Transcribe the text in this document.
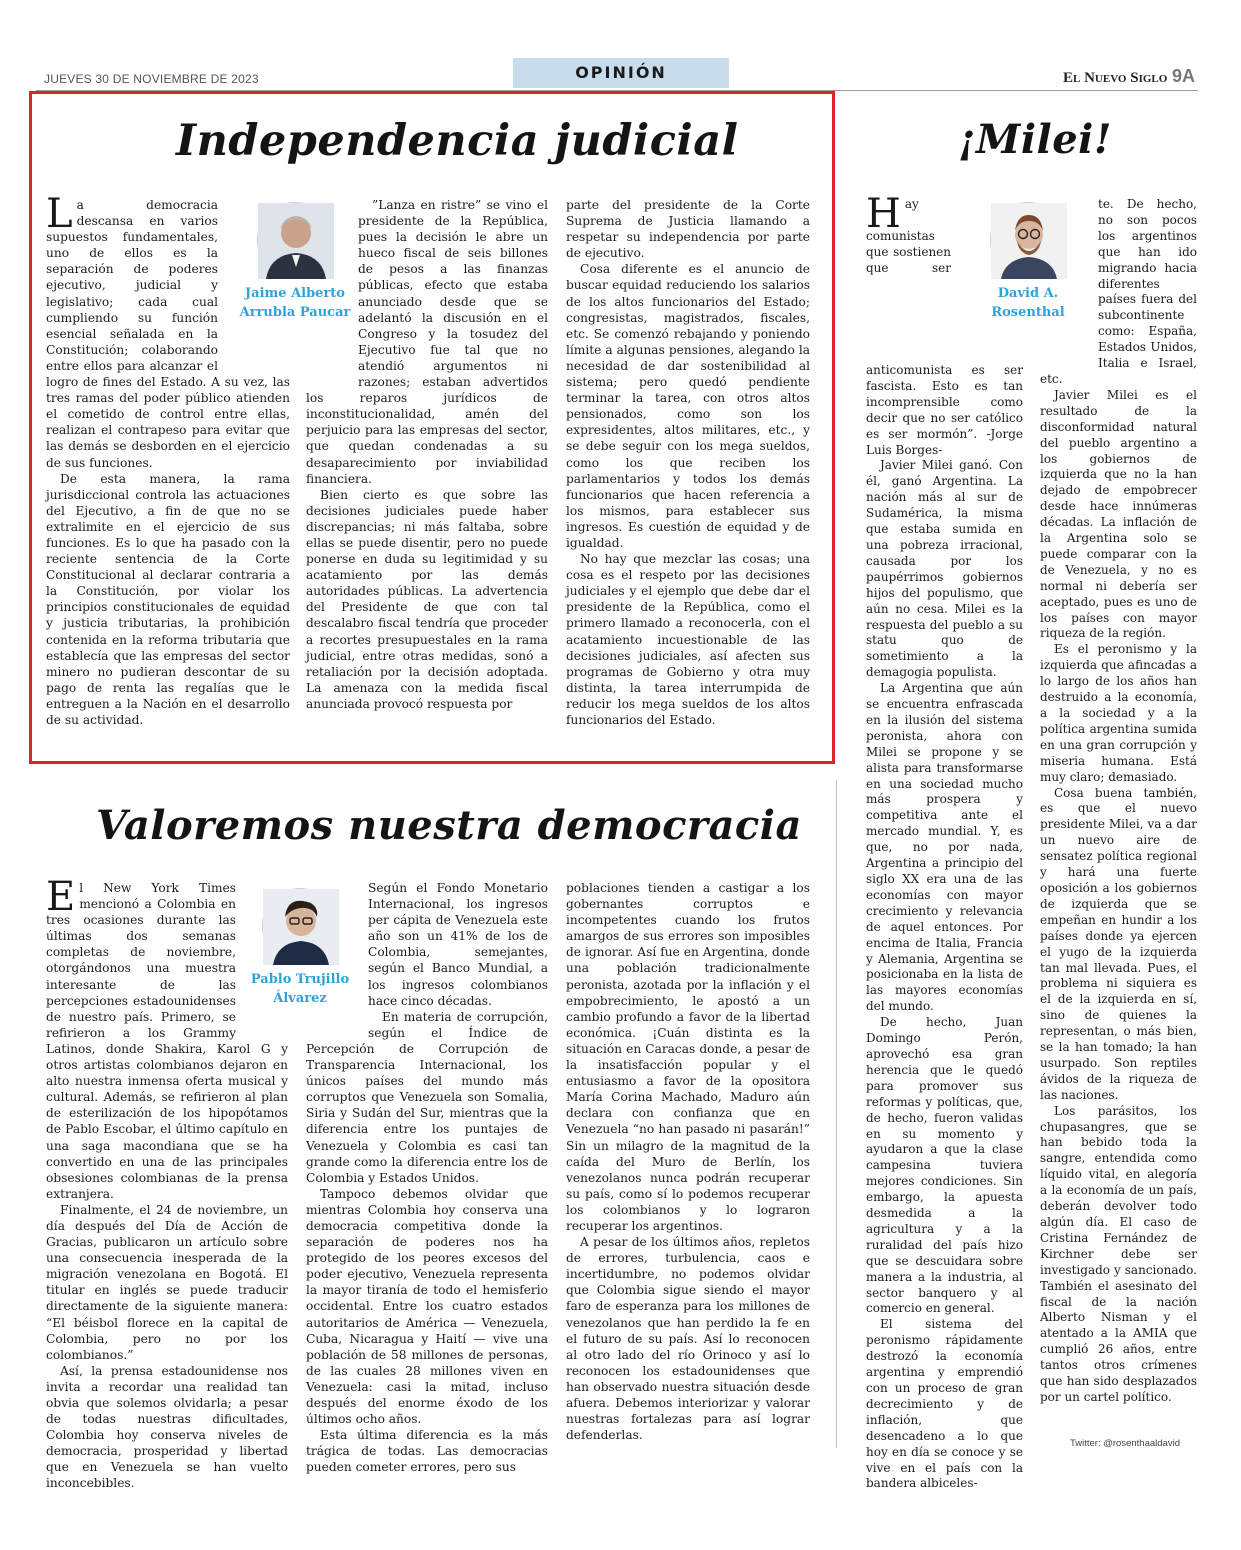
JUEVES 30 DE NOVIEMBRE DE 2023	OPINIÓN	El Nuevo Siglo 9A
Independencia judicial
L a democracia descansa en varios supuestos fundamentales, uno de ellos es la separación de poderes ejecutivo, judicial y legislativo; cada cual cumpliendo su función esencial señalada en la Constitución; colaborando entre ellos para alcanzar el logro de fines del Estado. A su vez, las tres ramas del poder público atienden el cometido de control entre ellas, realizan el contrapeso para evitar que las demás se desborden en el ejercicio de sus funciones.

De esta manera, la rama jurisdiccional controla las actuaciones del Ejecutivo, a fin de que no se extralimite en el ejercicio de sus funciones. Es lo que ha pasado con la reciente sentencia de la Corte Constitucional al declarar contraria a la Constitución, por violar los principios constitucionales de equidad y justicia tributarias, la prohibición contenida en la reforma tributaria que establecía que las empresas del sector minero no pudieran descontar de su pago de renta las regalías que le entreguen a la Nación en el desarrollo de su actividad.

Jaime Alberto Arrubla Paucar

”Lanza en ristre” se vino el presidente de la República, pues la decisión le abre un hueco fiscal de seis billones de pesos a las finanzas públicas, efecto que estaba anunciado desde que se adelantó la discusión en el Congreso y la tosudez del Ejecutivo fue tal que no atendió argumentos ni razones; estaban advertidos los reparos jurídicos de inconstitucionalidad, amén del perjuicio para las empresas del sector, que quedan condenadas a su desaparecimiento por inviabilidad financiera.

Bien cierto es que sobre las decisiones judiciales puede haber discrepancias; ni más faltaba, sobre ellas se puede disentir, pero no puede ponerse en duda su legitimidad y su acatamiento por las demás autoridades públicas. La advertencia del Presidente de que con tal descalabro fiscal tendría que proceder a recortes presupuestales en la rama judicial, entre otras medidas, sonó a retaliación por la decisión adoptada. La amenaza con la medida fiscal anunciada provocó respuesta por

parte del presidente de la Corte Suprema de Justicia llamando a respetar su independencia por parte de ejecutivo.

Cosa diferente es el anuncio de buscar equidad reduciendo los salarios de los altos funcionarios del Estado; congresistas, magistrados, fiscales, etc. Se comenzó rebajando y poniendo límite a algunas pensiones, alegando la necesidad de dar sostenibilidad al sistema; pero quedó pendiente terminar la tarea, con otros altos pensionados, como son los expresidentes, altos militares, etc., y se debe seguir con los mega sueldos, como los que reciben los parlamentarios y todos los demás funcionarios que hacen referencia a los mismos, para establecer sus ingresos. Es cuestión de equidad y de igualdad.

No hay que mezclar las cosas; una cosa es el respeto por las decisiones judiciales y el ejemplo que debe dar el presidente de la República, como el primero llamado a reconocerla, con el acatamiento incuestionable de las decisiones judiciales, así afecten sus programas de Gobierno y otra muy distinta, la tarea interrumpida de reducir los mega sueldos de los altos funcionarios del Estado.

Valoremos nuestra democracia
E l New York Times mencionó a Colombia en tres ocasiones durante las últimas dos semanas completas de noviembre, otorgándonos una muestra interesante de las percepciones estadounidenses de nuestro país. Primero, se refirieron a los Grammy Latinos, donde Shakira, Karol G y otros artistas colombianos dejaron en alto nuestra inmensa oferta musical y cultural. Además, se refirieron al plan de esterilización de los hipopótamos de Pablo Escobar, el último capítulo en una saga macondiana que se ha convertido en una de las principales obsesiones colombianas de la prensa extranjera.

Finalmente, el 24 de noviembre, un día después del Día de Acción de Gracias, publicaron un artículo sobre una consecuencia inesperada de la migración venezolana en Bogotá. El titular en inglés se puede traducir directamente de la siguiente manera: “El béisbol florece en la capital de Colombia, pero no por los colombianos.”

Así, la prensa estadounidense nos invita a recordar una realidad tan obvia que solemos olvidarla; a pesar de todas nuestras dificultades, Colombia hoy conserva niveles de democracia, prosperidad y libertad que en Venezuela se han vuelto inconcebibles.

Pablo Trujillo Álvarez

Según el Fondo Monetario Internacional, los ingresos per cápita de Venezuela este año son un 41% de los de Colombia, semejantes, según el Banco Mundial, a los ingresos colombianos hace cinco décadas.

En materia de corrupción, según el Índice de Percepción de Corrupción de Transparencia Internacional, los únicos países del mundo más corruptos que Venezuela son Somalia, Siria y Sudán del Sur, mientras que la diferencia entre los puntajes de Venezuela y Colombia es casi tan grande como la diferencia entre los de Colombia y Estados Unidos.

Tampoco debemos olvidar que mientras Colombia hoy conserva una democracia competitiva donde la separación de poderes nos ha protegido de los peores excesos del poder ejecutivo, Venezuela representa la mayor tiranía de todo el hemisferio occidental. Entre los cuatro estados autoritarios de América — Venezuela, Cuba, Nicaragua y Haití — vive una población de 58 millones de personas, de las cuales 28 millones viven en Venezuela: casi la mitad, incluso después del enorme éxodo de los últimos ocho años.

Esta última diferencia es la más trágica de todas. Las democracias pueden cometer errores, pero sus

poblaciones tienden a castigar a los gobernantes corruptos e incompetentes cuando los frutos amargos de sus errores son imposibles de ignorar. Así fue en Argentina, donde una población tradicionalmente peronista, azotada por la inflación y el empobrecimiento, le apostó a un cambio profundo a favor de la libertad económica. ¡Cuán distinta es la situación en Caracas donde, a pesar de la insatisfacción popular y el entusiasmo a favor de la opositora María Corina Machado, Maduro aún declara con confianza que en Venezuela “no han pasado ni pasarán!” Sin un milagro de la magnitud de la caída del Muro de Berlín, los venezolanos nunca podrán recuperar su país, como sí lo podemos recuperar los colombianos y lo lograron recuperar los argentinos.

A pesar de los últimos años, repletos de errores, turbulencia, caos e incertidumbre, no podemos olvidar que Colombia sigue siendo el mayor faro de esperanza para los millones de venezolanos que han perdido la fe en el futuro de su país. Así lo reconocen al otro lado del río Orinoco y así lo reconocen los estadounidenses que han observado nuestra situación desde afuera. Debemos interiorizar y valorar nuestras fortalezas para así lograr defenderlas.

¡Milei!
H ay comunistas que sostienen que ser anticomunista es ser fascista. Esto es tan incomprensible como decir que no ser católico es ser mormón”. -Jorge Luis Borges-

Javier Milei ganó. Con él, ganó Argentina. La nación más al sur de Sudamérica, la misma que estaba sumida en una pobreza irracional, causada por los paupérrimos gobiernos hijos del populismo, que aún no cesa. Milei es la respuesta del pueblo a su statu quo de sometimiento a la demagogia populista.

La Argentina que aún se encuentra enfrascada en la ilusión del sistema peronista, ahora con Milei se propone y se alista para transformarse en una sociedad mucho más prospera y competitiva ante el mercado mundial. Y, es que, no por nada, Argentina a principio del siglo XX era una de las economías con mayor crecimiento y relevancia de aquel entonces. Por encima de Italia, Francia y Alemania, Argentina se posicionaba en la lista de las mayores economías del mundo.

De hecho, Juan Domingo Perón, aprovechó esa gran herencia que le quedó para promover sus reformas y políticas, que, de hecho, fueron validas en su momento y ayudaron a que la clase campesina tuviera mejores condiciones. Sin embargo, la apuesta desmedida a la agricultura y a la ruralidad del país hizo que se descuidara sobre manera a la industria, al sector banquero y al comercio en general.

El sistema del peronismo rápidamente destrozó la economía argentina y emprendió con un proceso de gran decrecimiento y de inflación, que desencadeno a lo que hoy en día se conoce y se vive en el país con la bandera albiceles-

David A. Rosenthal

te. De hecho, no son pocos los argentinos que han ido migrando hacia diferentes países fuera del subcontinente como: España, Estados Unidos, Italia e Israel, etc.

Javier Milei es el resultado de la disconformidad natural del pueblo argentino a los gobiernos de izquierda que no la han dejado de empobrecer desde hace innúmeras décadas. La inflación de la Argentina solo se puede comparar con la de Venezuela, y no es normal ni debería ser aceptado, pues es uno de los países con mayor riqueza de la región.

Es el peronismo y la izquierda que afincadas a lo largo de los años han destruido a la economía, a la sociedad y a la política argentina sumida en una gran corrupción y miseria humana. Está muy claro; demasiado.

Cosa buena también, es que el nuevo presidente Milei, va a dar un nuevo aire de sensatez política regional y hará una fuerte oposición a los gobiernos de izquierda que se empeñan en hundir a los países donde ya ejercen el yugo de la izquierda tan mal llevada. Pues, el problema ni siquiera es el de la izquierda en sí, sino de quienes la representan, o más bien, se la han tomado; la han usurpado. Son reptiles ávidos de la riqueza de las naciones.

Los parásitos, los chupasangres, que se han bebido toda la sangre, entendida como líquido vital, en alegoría a la economía de un país, deberán devolver todo algún día. El caso de Cristina Fernández de Kirchner debe ser investigado y sancionado. También el asesinato del fiscal de la nación Alberto Nisman y el atentado a la AMIA que cumplió 26 años, entre tantos otros crímenes que han sido desplazados por un cartel político.

Twitter: @rosenthaaldavid
